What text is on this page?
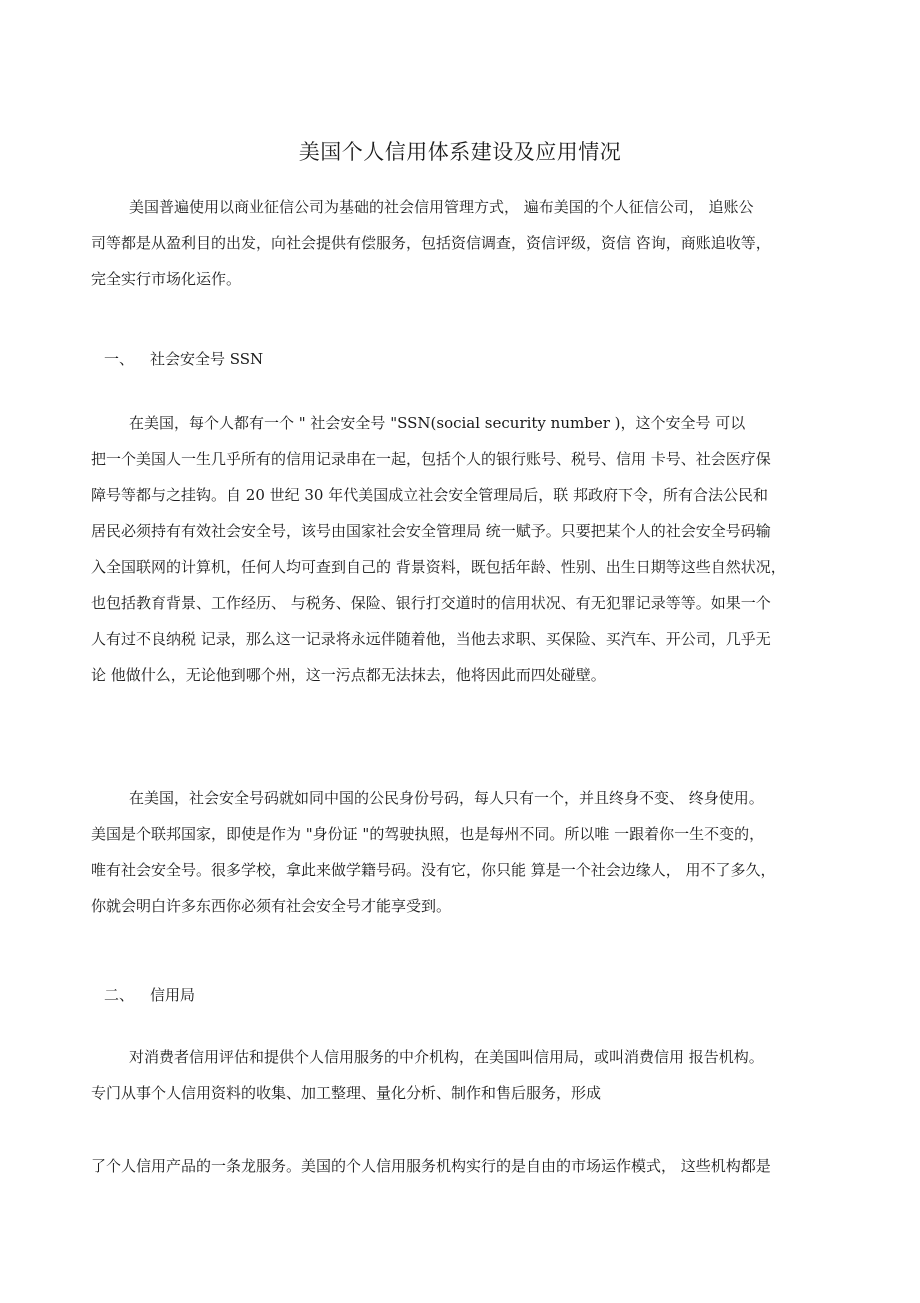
美国个人信用体系建设及应用情况
美国普遍使用以商业征信公司为基础的社会信用管理方式， 遍布美国的个人征信公司， 追账公
司等都是从盈利目的出发，向社会提供有偿服务，包括资信调查，资信评级，资信 咨询，商账追收等，
完全实行市场化运作。
一、 社会安全号 SSN
在美国，每个人都有一个 " 社会安全号 "SSN(social security number )，这个安全号 可以
把一个美国人一生几乎所有的信用记录串在一起，包括个人的银行账号、税号、信用 卡号、社会医疗保
障号等都与之挂钩。自 20 世纪 30 年代美国成立社会安全管理局后，联 邦政府下令，所有合法公民和
居民必须持有有效社会安全号，该号由国家社会安全管理局 统一赋予。只要把某个人的社会安全号码输
入全国联网的计算机，任何人均可查到自己的 背景资料，既包括年龄、性别、出生日期等这些自然状况，
也包括教育背景、工作经历、 与税务、保险、银行打交道时的信用状况、有无犯罪记录等等。如果一个
人有过不良纳税 记录，那么这一记录将永远伴随着他，当他去求职、买保险、买汽车、开公司，几乎无
论 他做什么，无论他到哪个州，这一污点都无法抹去，他将因此而四处碰壁。
在美国，社会安全号码就如同中国的公民身份号码，每人只有一个，并且终身不变、 终身使用。
美国是个联邦国家，即使是作为 "身份证 "的驾驶执照，也是每州不同。所以唯 一跟着你一生不变的，
唯有社会安全号。很多学校，拿此来做学籍号码。没有它，你只能 算是一个社会边缘人， 用不了多久，
你就会明白许多东西你必须有社会安全号才能享受到。
二、 信用局
对消费者信用评估和提供个人信用服务的中介机构，在美国叫信用局，或叫消费信用 报告机构。
专门从事个人信用资料的收集、加工整理、量化分析、制作和售后服务，形成
了个人信用产品的一条龙服务。美国的个人信用服务机构实行的是自由的市场运作模式， 这些机构都是
